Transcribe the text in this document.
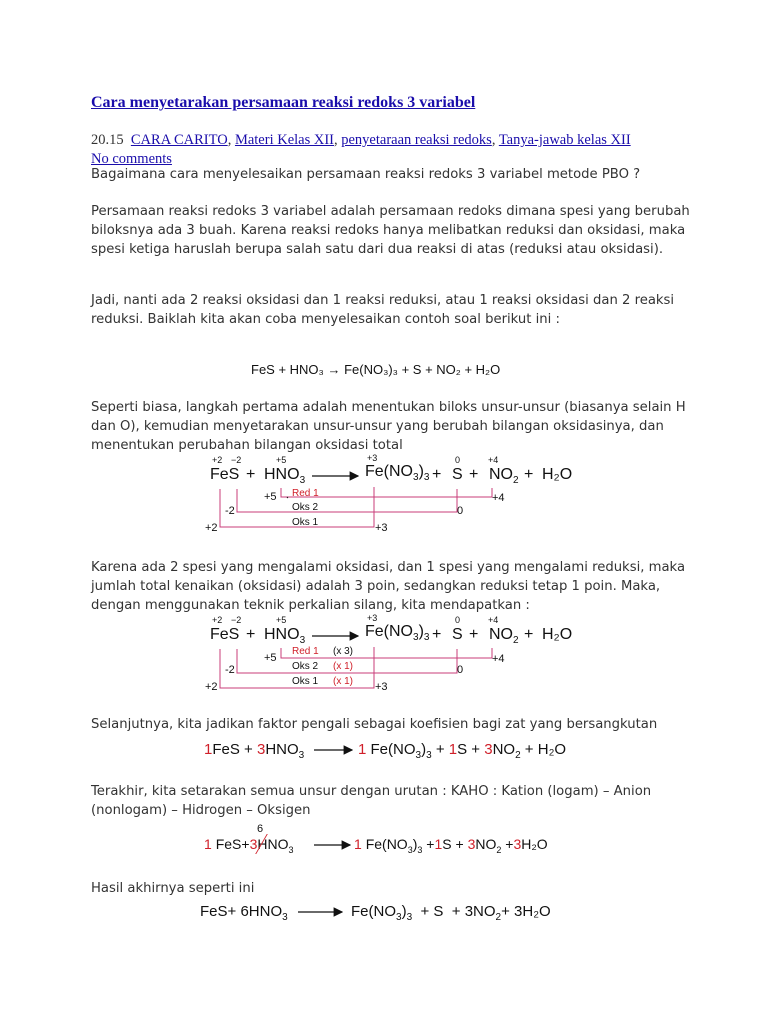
Cara menyetarakan persamaan reaksi redoks 3 variabel
20.15 CARA CARITO, Materi Kelas XII, penyetaraan reaksi redoks, Tanya-jawab kelas XII  No comments
Bagaimana cara menyelesaikan persamaan reaksi redoks 3 variabel metode PBO ?
Persamaan reaksi redoks 3 variabel adalah persamaan redoks dimana spesi yang berubah biloksnya ada 3 buah. Karena reaksi redoks hanya melibatkan reduksi dan oksidasi, maka spesi ketiga haruslah berupa salah satu dari dua reaksi di atas (reduksi atau oksidasi).
Jadi, nanti ada 2 reaksi oksidasi dan 1 reaksi reduksi, atau 1 reaksi oksidasi dan 2 reaksi reduksi. Baiklah kita akan coba menyelesaikan contoh soal berikut ini :
FeS + HNO₃ → Fe(NO₃)₃ + S + NO₂ + H₂O
Seperti biasa, langkah pertama adalah menentukan biloks unsur-unsur (biasanya selain H dan O), kemudian menyetarakan unsur-unsur yang berubah bilangan oksidasinya, dan menentukan perubahan bilangan oksidasi total
+2 −2	+5	+3	0	+4
FeS + $HNO_3$
$Fe(NO_3)_3 + S + NO_2 + H_2O$
+5 Red 1
Oks 2
Oks 1
-2
+2
+4
0
+3
Karena ada 2 spesi yang mengalami oksidasi, dan 1 spesi yang mengalami reduksi, maka jumlah total kenaikan (oksidasi) adalah 3 poin, sedangkan reduksi tetap 1 poin. Maka, dengan menggunakan teknik perkalian silang, kita mendapatkan :
+2 −2	+5	+3	0	+4
FeS + $HNO_3$
$Fe(NO_3)_3 + S + NO_2 + H_2O$
+5
Red 1 (x 3)
Oks 2 (x 1)
Oks 1 (x 1)
-2
+2
+4
0
+3
Selanjutnya, kita jadikan faktor pengali sebagai koefisien bagi zat yang bersangkutan
$1FeS + 3HNO_3$	1 $Fe(NO_3)_3 + 1S + 3NO_2 + H_2O$
Terakhir, kita setarakan semua unsur dengan urutan : KAHO : Kation (logam) – Anion (nonlogam) – Hidrogen – Oksigen
6
1 FeS+3
$HNO_3$	1 $Fe(NO_3)_3 +1S + 3NO_2 +3H_2O$
Hasil akhirnya seperti ini
$FeS+ 6HNO_3$	$Fe(NO_3)_3 + S + 3NO_2+ 3H_2O$
